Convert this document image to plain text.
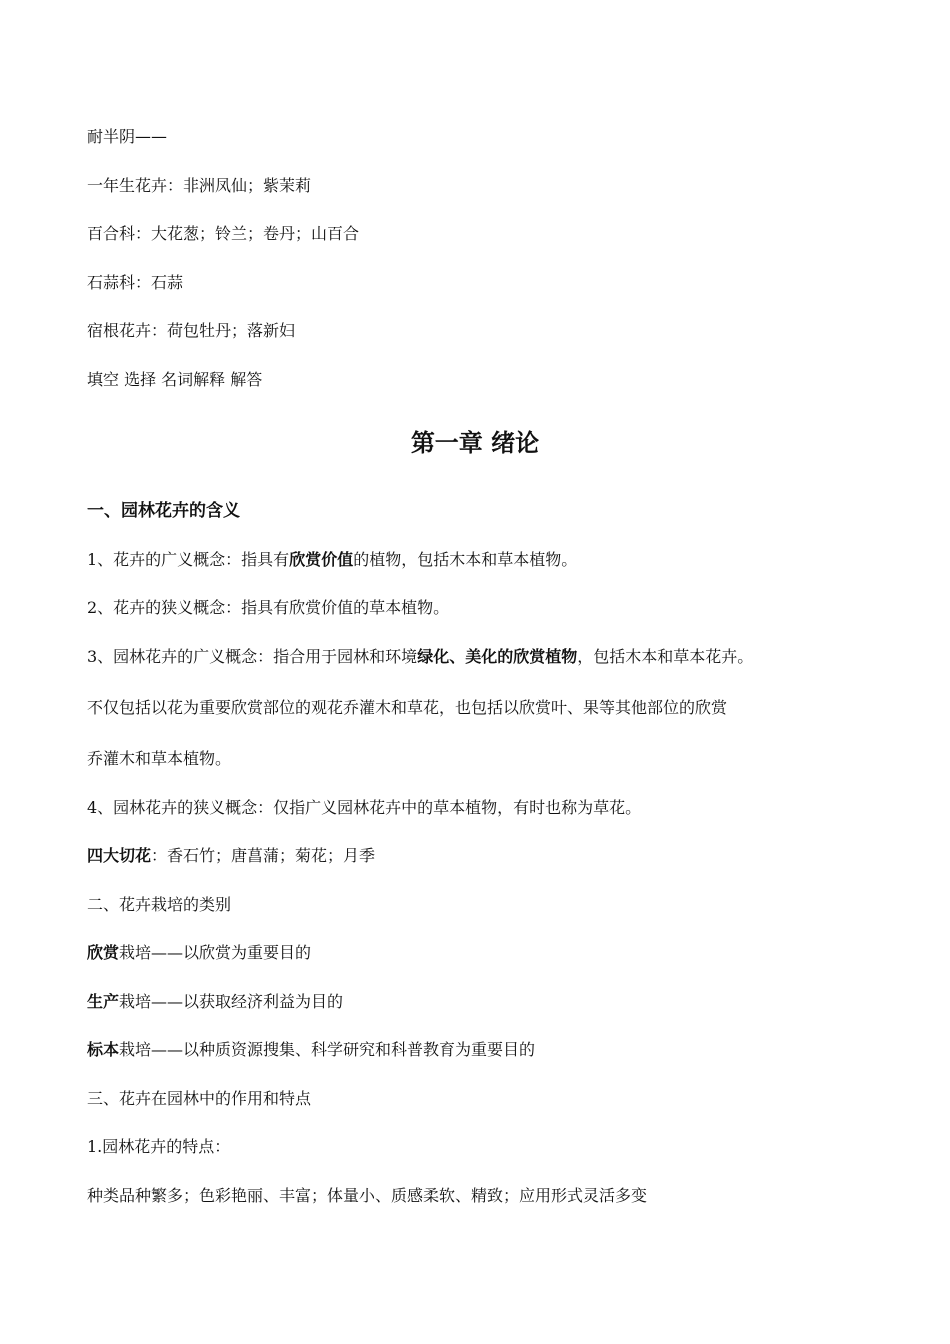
耐半阴——
一年生花卉：非洲凤仙；紫茉莉
百合科：大花葱；铃兰；卷丹；山百合
石蒜科：石蒜
宿根花卉：荷包牡丹；落新妇
填空 选择 名词解释 解答
第一章 绪论
一、园林花卉的含义
1、花卉的广义概念：指具有欣赏价值的植物，包括木本和草本植物。
2、花卉的狭义概念：指具有欣赏价值的草本植物。
3、园林花卉的广义概念：指合用于园林和环境绿化、美化的欣赏植物，包括木本和草本花卉。
不仅包括以花为重要欣赏部位的观花乔灌木和草花，也包括以欣赏叶、果等其他部位的欣赏
乔灌木和草本植物。
4、园林花卉的狭义概念：仅指广义园林花卉中的草本植物，有时也称为草花。
四大切花：香石竹；唐菖蒲；菊花；月季
二、花卉栽培的类别
欣赏栽培——以欣赏为重要目的
生产栽培——以获取经济利益为目的
标本栽培——以种质资源搜集、科学研究和科普教育为重要目的
三、花卉在园林中的作用和特点
1.园林花卉的特点：
种类品种繁多；色彩艳丽、丰富；体量小、质感柔软、精致；应用形式灵活多变
